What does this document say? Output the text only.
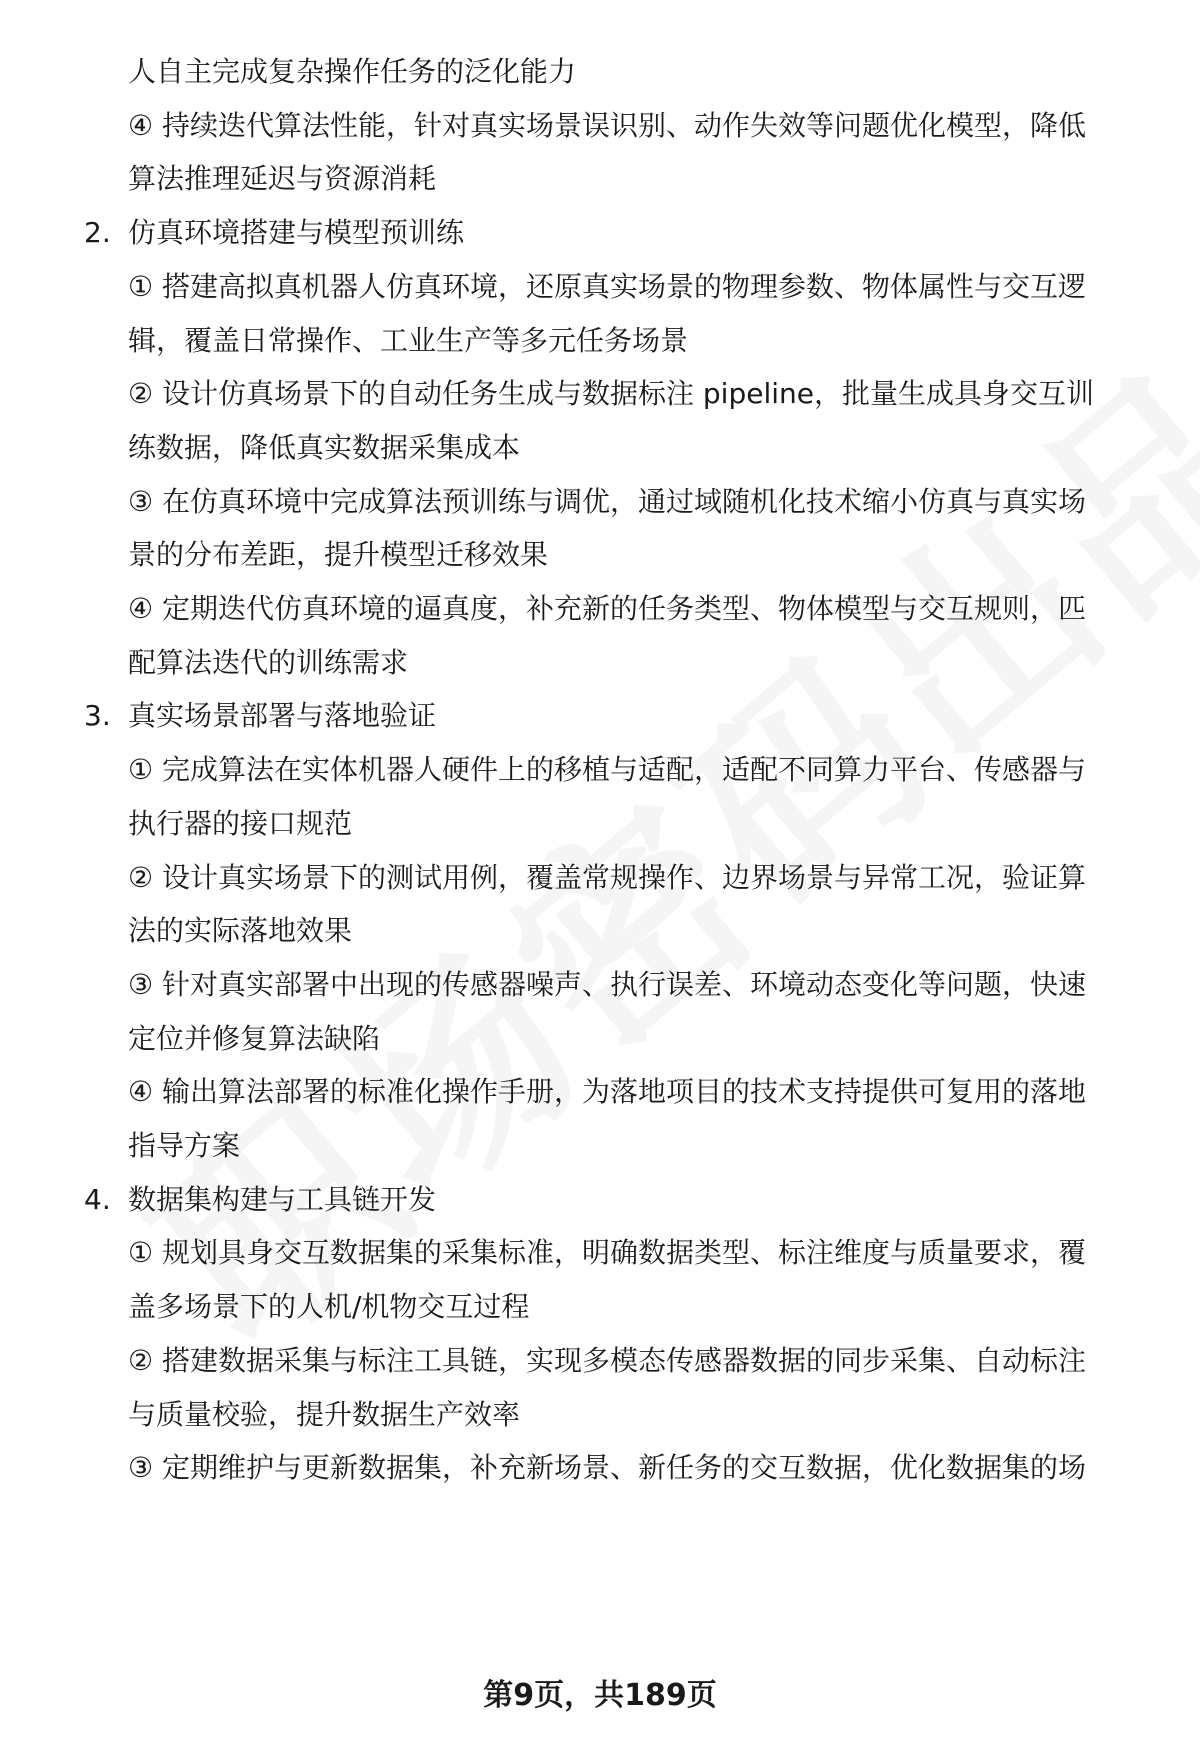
人自主完成复杂操作任务的泛化能力
④ 持续迭代算法性能，针对真实场景误识别、动作失效等问题优化模型，降低
算法推理延迟与资源消耗
2. 仿真环境搭建与模型预训练
① 搭建高拟真机器人仿真环境，还原真实场景的物理参数、物体属性与交互逻
辑，覆盖日常操作、工业生产等多元任务场景
② 设计仿真场景下的自动任务生成与数据标注 pipeline，批量生成具身交互训
练数据，降低真实数据采集成本
③ 在仿真环境中完成算法预训练与调优，通过域随机化技术缩小仿真与真实场
景的分布差距，提升模型迁移效果
④ 定期迭代仿真环境的逼真度，补充新的任务类型、物体模型与交互规则，匹
配算法迭代的训练需求
3. 真实场景部署与落地验证
① 完成算法在实体机器人硬件上的移植与适配，适配不同算力平台、传感器与
执行器的接口规范
② 设计真实场景下的测试用例，覆盖常规操作、边界场景与异常工况，验证算
法的实际落地效果
③ 针对真实部署中出现的传感器噪声、执行误差、环境动态变化等问题，快速
定位并修复算法缺陷
④ 输出算法部署的标准化操作手册，为落地项目的技术支持提供可复用的落地
指导方案
4. 数据集构建与工具链开发
① 规划具身交互数据集的采集标准，明确数据类型、标注维度与质量要求，覆
盖多场景下的人机/机物交互过程
② 搭建数据采集与标注工具链，实现多模态传感器数据的同步采集、自动标注
与质量校验，提升数据生产效率
③ 定期维护与更新数据集，补充新场景、新任务的交互数据，优化数据集的场
第9页，共189页
